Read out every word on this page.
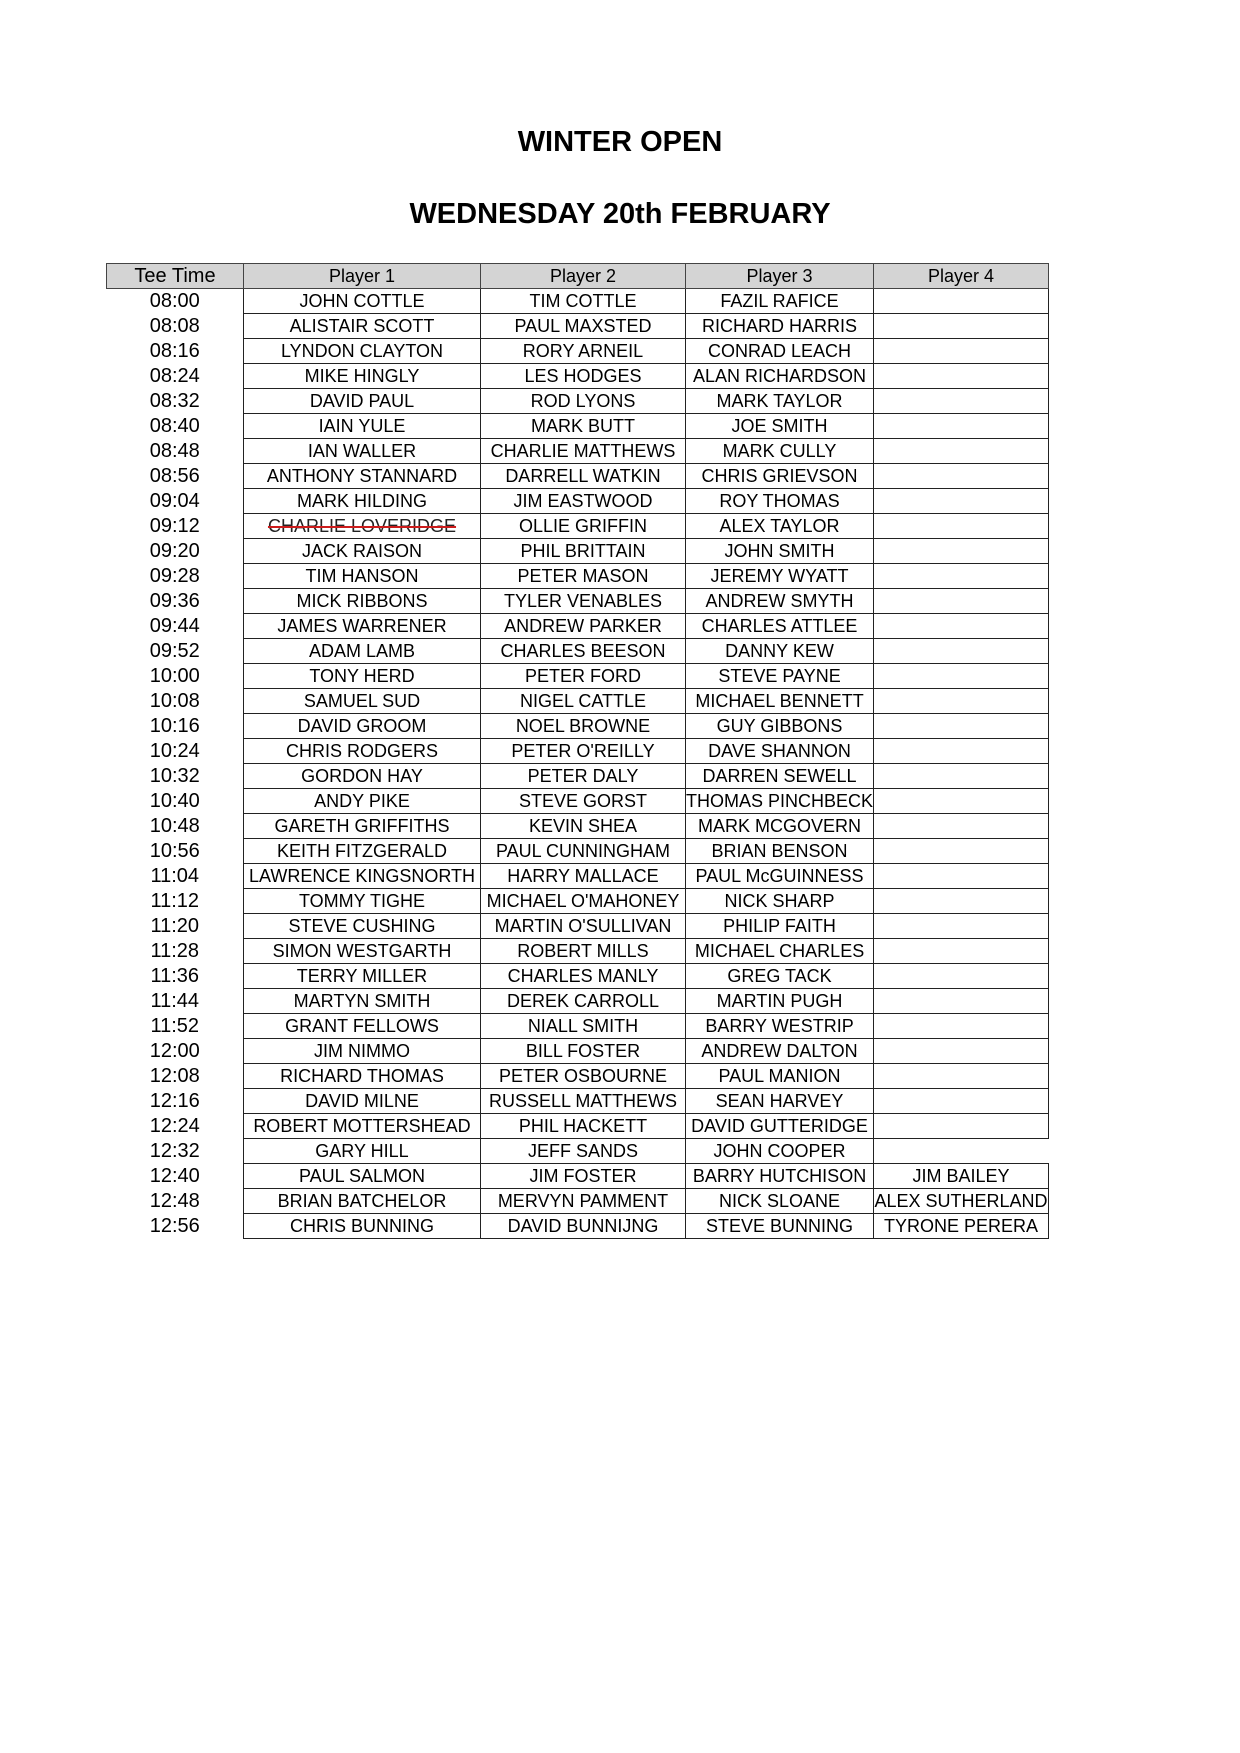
WINTER OPEN
WEDNESDAY 20th FEBRUARY
Tee Time	Player 1	Player 2	Player 3	Player 4
08:00	JOHN COTTLE	TIM COTTLE	FAZIL RAFICE	
08:08	ALISTAIR SCOTT	PAUL MAXSTED	RICHARD HARRIS	
08:16	LYNDON CLAYTON	RORY ARNEIL	CONRAD LEACH	
08:24	MIKE HINGLY	LES HODGES	ALAN RICHARDSON	
08:32	DAVID PAUL	ROD LYONS	MARK TAYLOR	
08:40	IAIN YULE	MARK BUTT	JOE SMITH	
08:48	IAN WALLER	CHARLIE MATTHEWS	MARK CULLY	
08:56	ANTHONY STANNARD	DARRELL WATKIN	CHRIS GRIEVSON	
09:04	MARK HILDING	JIM EASTWOOD	ROY THOMAS	
09:12	CHARLIE LOVERIDGE	OLLIE GRIFFIN	ALEX TAYLOR	
09:20	JACK RAISON	PHIL BRITTAIN	JOHN SMITH	
09:28	TIM HANSON	PETER MASON	JEREMY WYATT	
09:36	MICK RIBBONS	TYLER VENABLES	ANDREW SMYTH	
09:44	JAMES WARRENER	ANDREW PARKER	CHARLES ATTLEE	
09:52	ADAM LAMB	CHARLES BEESON	DANNY KEW	
10:00	TONY HERD	PETER FORD	STEVE PAYNE	
10:08	SAMUEL SUD	NIGEL CATTLE	MICHAEL BENNETT	
10:16	DAVID GROOM	NOEL BROWNE	GUY GIBBONS	
10:24	CHRIS RODGERS	PETER O'REILLY	DAVE SHANNON	
10:32	GORDON HAY	PETER DALY	DARREN SEWELL	
10:40	ANDY PIKE	STEVE GORST	THOMAS PINCHBECK	
10:48	GARETH GRIFFITHS	KEVIN SHEA	MARK MCGOVERN	
10:56	KEITH FITZGERALD	PAUL CUNNINGHAM	BRIAN BENSON	
11:04	LAWRENCE KINGSNORTH	HARRY MALLACE	PAUL McGUINNESS	
11:12	TOMMY TIGHE	MICHAEL O'MAHONEY	NICK SHARP	
11:20	STEVE CUSHING	MARTIN O'SULLIVAN	PHILIP FAITH	
11:28	SIMON WESTGARTH	ROBERT MILLS	MICHAEL CHARLES	
11:36	TERRY MILLER	CHARLES MANLY	GREG TACK	
11:44	MARTYN SMITH	DEREK CARROLL	MARTIN PUGH	
11:52	GRANT FELLOWS	NIALL SMITH	BARRY WESTRIP	
12:00	JIM NIMMO	BILL FOSTER	ANDREW DALTON	
12:08	RICHARD THOMAS	PETER OSBOURNE	PAUL MANION	
12:16	DAVID MILNE	RUSSELL MATTHEWS	SEAN HARVEY	
12:24	ROBERT MOTTERSHEAD	PHIL HACKETT	DAVID GUTTERIDGE	
12:32	GARY HILL	JEFF SANDS	JOHN COOPER	
12:40	PAUL SALMON	JIM FOSTER	BARRY HUTCHISON	JIM BAILEY
12:48	BRIAN BATCHELOR	MERVYN PAMMENT	NICK SLOANE	ALEX SUTHERLAND
12:56	CHRIS BUNNING	DAVID BUNNIJNG	STEVE BUNNING	TYRONE PERERA
